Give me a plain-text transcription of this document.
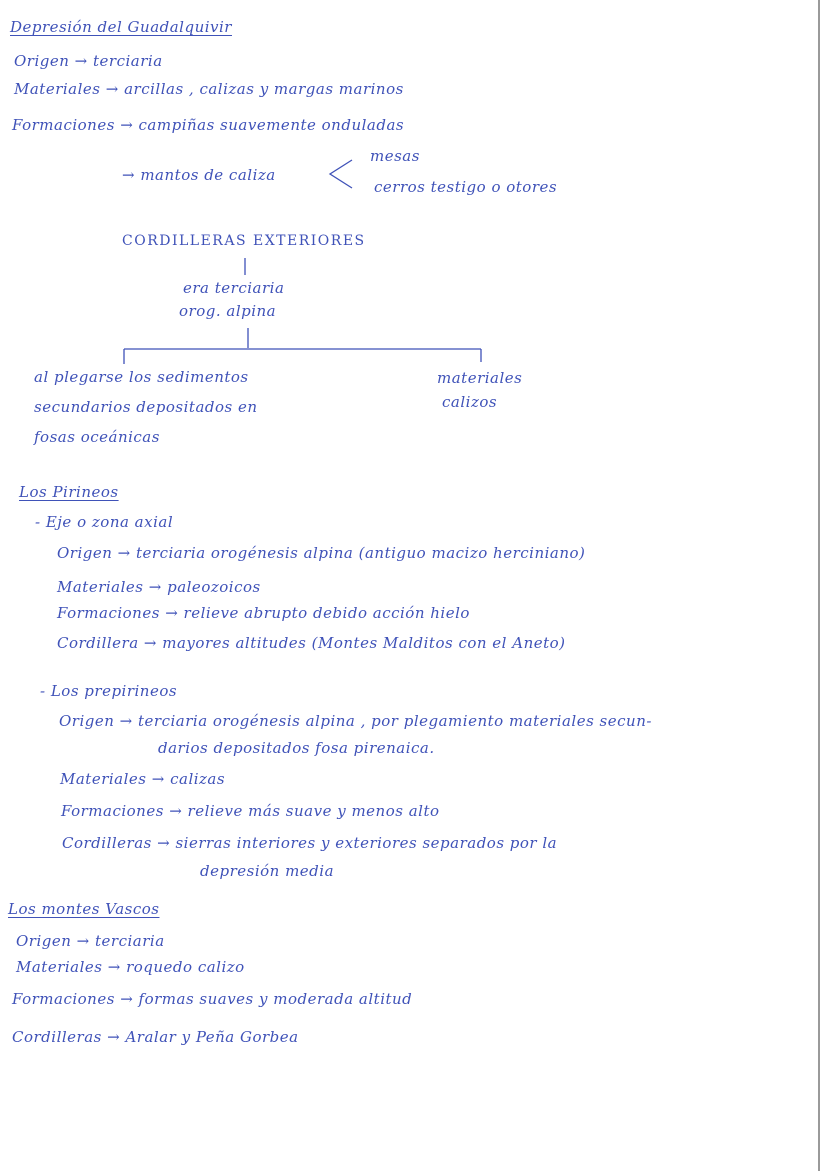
Depresión del Guadalquivir
Origen → terciaria
Materiales → arcillas , calizas y margas marinos
Formaciones → campiñas suavemente onduladas
→ mantos de caliza
mesas
cerros testigo o otores
CORDILLERAS EXTERIORES
era terciaria
orog. alpina
al plegarse los sedimentos
secundarios depositados en
fosas oceánicas
materiales
calizos
Los Pirineos
- Eje o zona axial
Origen → terciaria orogénesis alpina (antiguo macizo herciniano)
Materiales → paleozoicos
Formaciones → relieve abrupto debido acción hielo
Cordillera → mayores altitudes (Montes Malditos con el Aneto)
- Los prepirineos
Origen → terciaria orogénesis alpina , por plegamiento materiales secun-
darios depositados fosa pirenaica.
Materiales → calizas
Formaciones → relieve más suave y menos alto
Cordilleras → sierras interiores y exteriores separados por la
depresión media
Los montes Vascos
Origen → terciaria
Materiales → roquedo calizo
Formaciones → formas suaves y moderada altitud
Cordilleras → Aralar y Peña Gorbea
